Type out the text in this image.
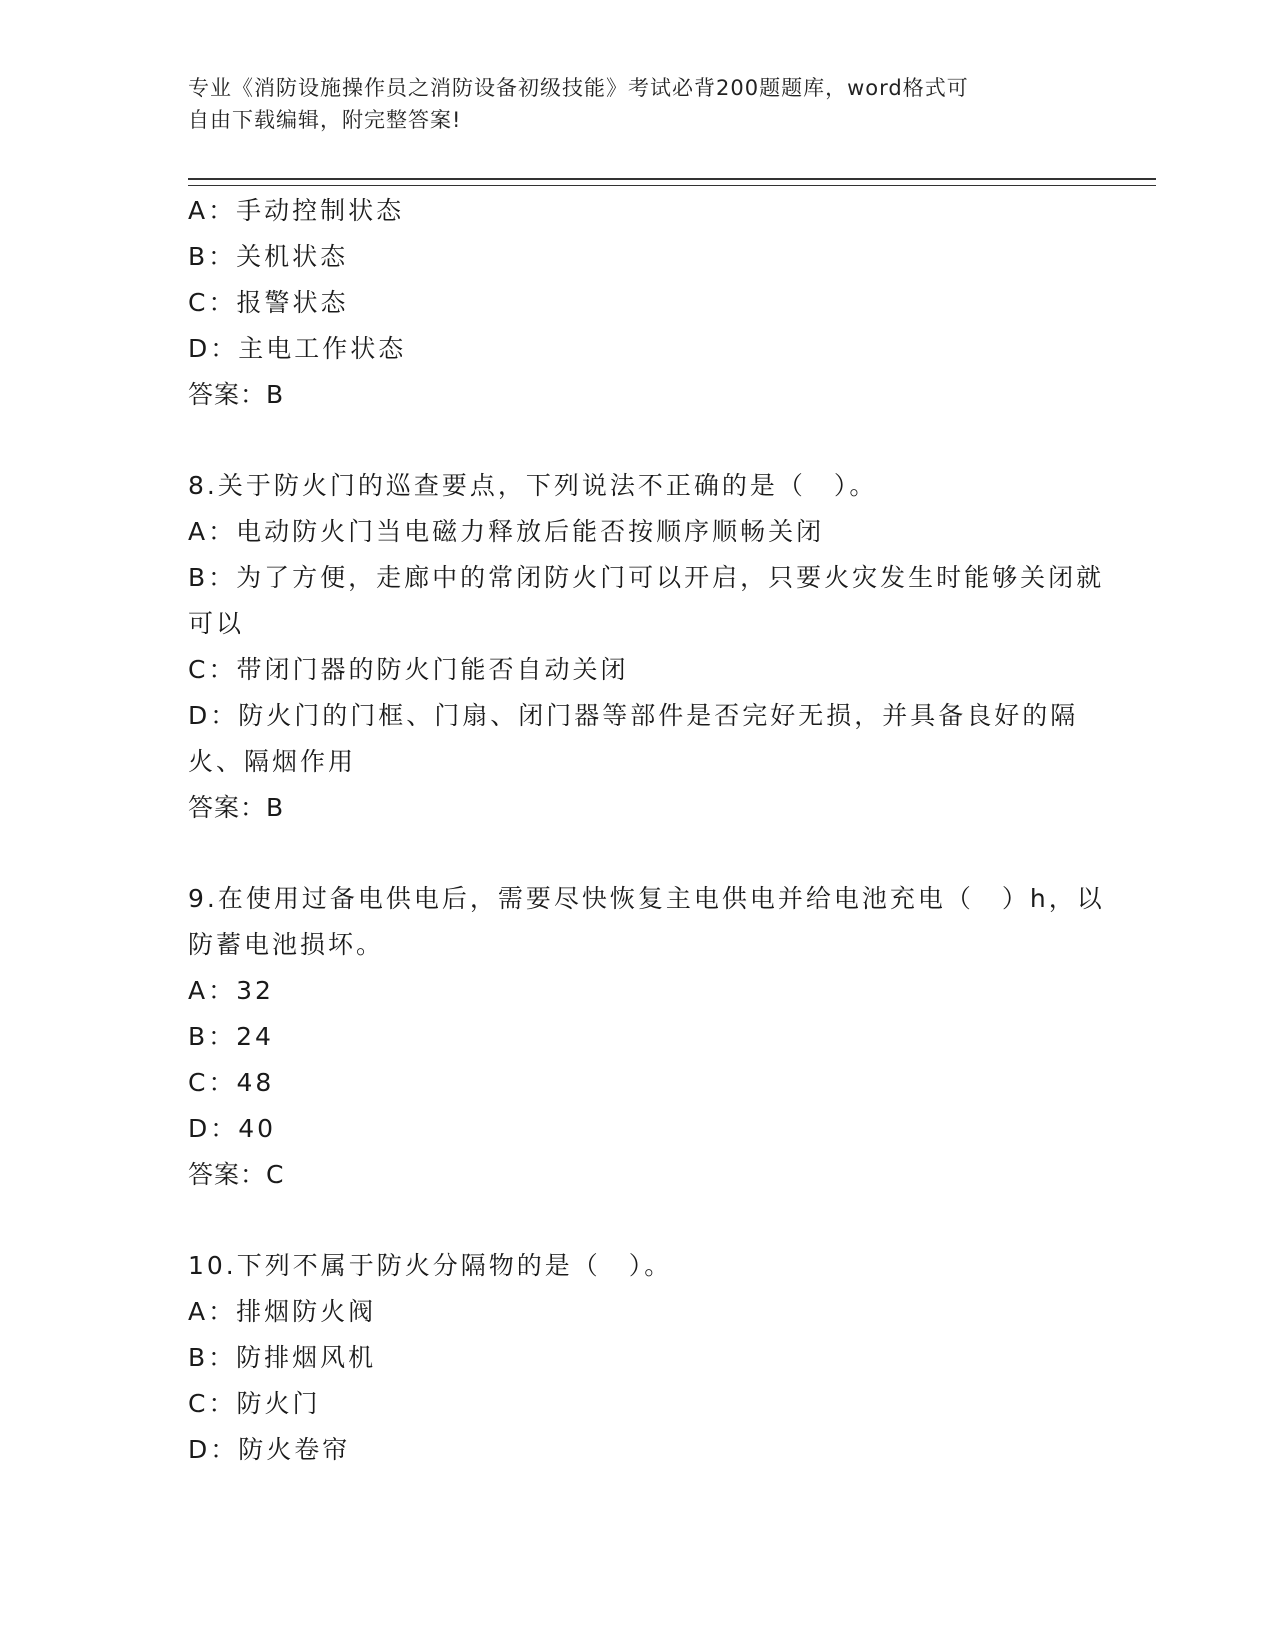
专业《消防设施操作员之消防设备初级技能》考试必背200题题库，word格式可
自由下载编辑，附完整答案!
A：手动控制状态
B：关机状态
C：报警状态
D：主电工作状态
答案：B
8.关于防火门的巡查要点，下列说法不正确的是（　）。
A：电动防火门当电磁力释放后能否按顺序顺畅关闭
B：为了方便，走廊中的常闭防火门可以开启，只要火灾发生时能够关闭就可以
C：带闭门器的防火门能否自动关闭
D：防火门的门框、门扇、闭门器等部件是否完好无损，并具备良好的隔火、隔烟作用
答案：B
9.在使用过备电供电后，需要尽快恢复主电供电并给电池充电（　）h，以防蓄电池损坏。
A：32
B：24
C：48
D：40
答案：C
10.下列不属于防火分隔物的是（　）。
A：排烟防火阀
B：防排烟风机
C：防火门
D：防火卷帘
